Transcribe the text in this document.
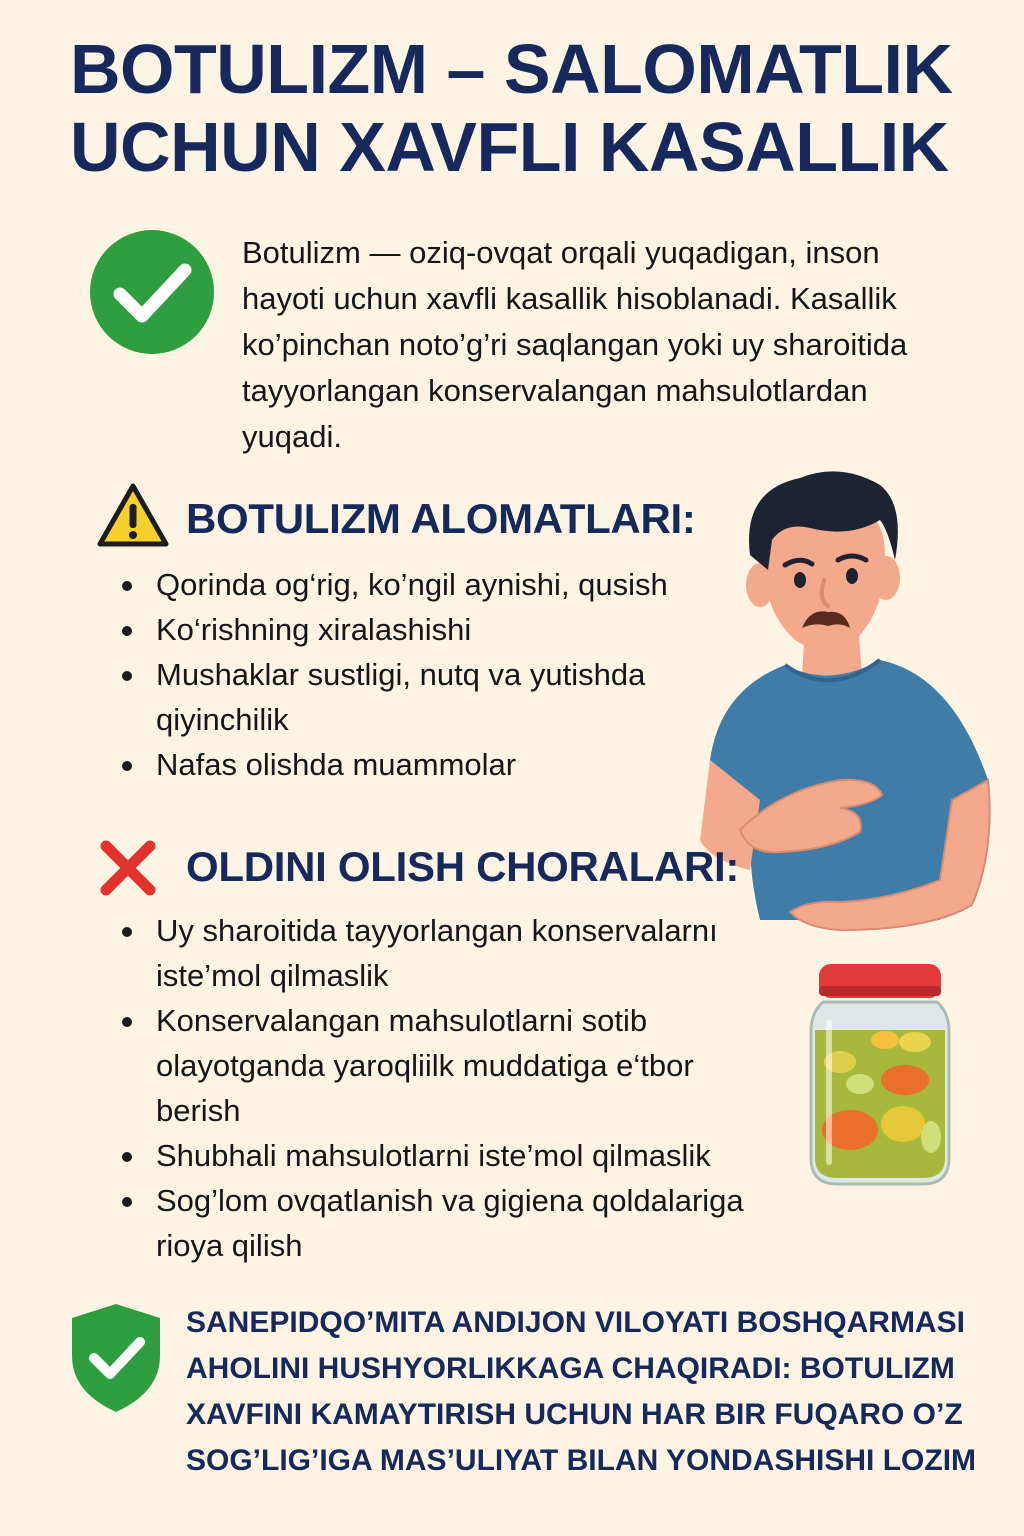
BOTULIZM – SALOMATLIK
UCHUN XAVFLI KASALLIK
Botulizm — oziq-ovqat orqali yuqadigan, inson hayoti uchun xavfli kasallik hisoblanadi. Kasallik ko’pinchan noto’g’ri saqlangan yoki uy sharoitida tayyorlangan konservalangan mahsulotlardan yuqadi.
BOTULIZM ALOMATLARI:
Qorinda og‘rig, ko’ngil aynishi, qusish
Ko‘rishning xiralashishi
Mushaklar sustligi, nutq va yutishda qiyinchilik
Nafas olishda muammolar
OLDINI OLISH CHORALARI:
Uy sharoitida tayyorlangan konservalarnı iste’mol qilmaslik
Konservalangan mahsulotlarni sotib olayotganda yaroqliilk muddatiga e‘tbor berish
Shubhali mahsulotlarni iste’mol qilmaslik
Sog’lom ovqatlanish va gigiena qoldalariga rioya qilish
SANEPIDQO’MITA ANDIJON VILOYATI BOSHQARMASI AHOLINI HUSHYORLIKKAGA CHAQIRADI: BOTULIZM XAVFINI KAMAYTIRISH UCHUN HAR BIR FUQARO O’Z SOG’LIG’IGA MAS’ULIYAT BILAN YONDASHISHI LOZIM
